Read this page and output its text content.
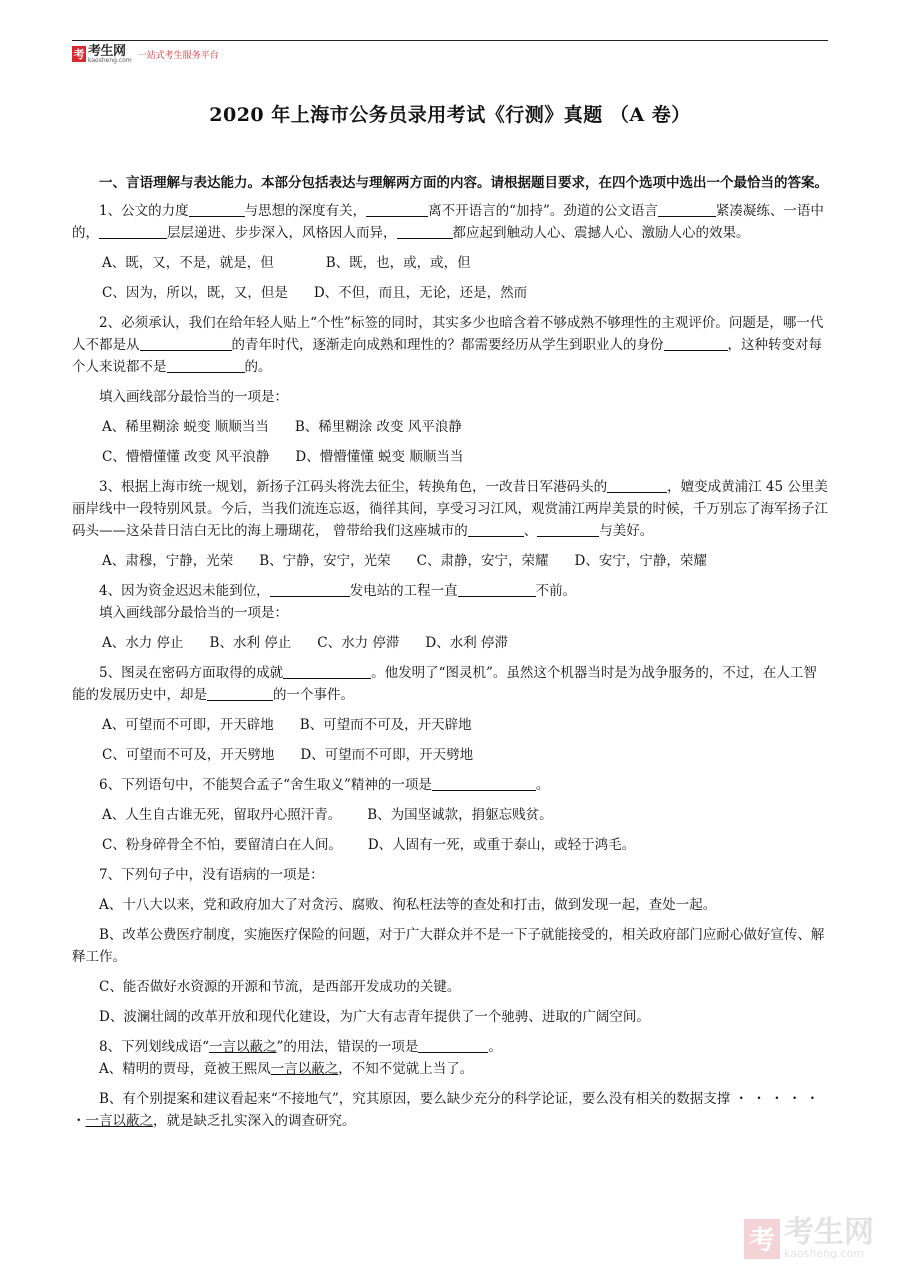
考 考生网
kaosheng.com 一站式考生服务平台
2020 年上海市公务员录用考试《行测》真题 （A 卷）

一、言语理解与表达能力。本部分包括表达与理解两方面的内容。请根据题目要求，在四个选项中选出一个最恰当的答案。

1、公文的力度	与思想的深度有关，	离不开语言的“加持”。劲道的公文语言	紧凑凝练、一语中的，	层层递进、步步深入，风格因人而异，	都应起到触动人心、震撼人心、激励人心的效果。

A、既，又，不是，就是，但	B、既，也，或，或，但

C、因为，所以，既，又，但是 D、不但，而且，无论，还是，然而

2、必须承认，我们在给年轻人贴上“个性”标签的同时，其实多少也暗含着不够成熟不够理性的主观评价。问题是，哪一代人不都是从	的青年时代，逐渐走向成熟和理性的？都需要经历从学生到职业人的身份	，这种转变对每个人来说都不是	的。

填入画线部分最恰当的一项是：

A、稀里糊涂 蜕变 顺顺当当 B、稀里糊涂 改变 风平浪静

C、懵懵懂懂 改变 风平浪静 D、懵懵懂懂 蜕变 顺顺当当

3、根据上海市统一规划，新扬子江码头将洗去征尘，转换角色，一改昔日军港码头的	，嬗变成黄浦江 45 公里美丽岸线中一段特别风景。今后，当我们流连忘返，徜徉其间，享受习习江风，观赏浦江两岸美景的时候，千万别忘了海军扬子江码头——这朵昔日洁白无比的海上珊瑚花， 曾带给我们这座城市的	、	与美好。

A、肃穆，宁静，光荣 B、宁静，安宁，光荣 C、肃静，安宁，荣耀 D、安宁，宁静，荣耀

4、因为资金迟迟未能到位，	发电站的工程一直	不前。

填入画线部分最恰当的一项是：

A、水力 停止 B、水利 停止 C、水力 停滞 D、水利 停滞

5、图灵在密码方面取得的成就	。他发明了“图灵机”。虽然这个机器当时是为战争服务的，不过，在人工智能的发展历史中，却是	的一个事件。

A、可望而不可即，开天辟地 B、可望而不可及，开天辟地

C、可望而不可及，开天劈地 D、可望而不可即，开天劈地

6、下列语句中，不能契合孟子“舍生取义”精神的一项是	。

A、人生自古谁无死，留取丹心照汗青。 B、为国坚诚款，捐躯忘贱贫。

C、粉身碎骨全不怕，要留清白在人间。 D、人固有一死，或重于泰山，或轻于鸿毛。

7、下列句子中，没有语病的一项是：

A、十八大以来，党和政府加大了对贪污、腐败、徇私枉法等的查处和打击，做到发现一起，查处一起。

B、改革公费医疗制度，实施医疗保险的问题，对于广大群众并不是一下子就能接受的，相关政府部门应耐心做好宣传、解释工作。

C、能否做好水资源的开源和节流，是西部开发成功的关键。

D、波澜壮阔的改革开放和现代化建设，为广大有志青年提供了一个驰骋、进取的广阔空间。

8、下列划线成语“一言以蔽之”的用法，错误的一项是	。

A、精明的贾母，竟被王熙凤一言以蔽之，不知不觉就上当了。

B、有个别提案和建议看起来“不接地气”，究其原因，要么缺少充分的科学论证，要么没有相关的数据支撑 ・ ・ ・ ・ ・ ・一言以蔽之，就是缺乏扎实深入的调查研究。

考 考生网
kaosheng.com
